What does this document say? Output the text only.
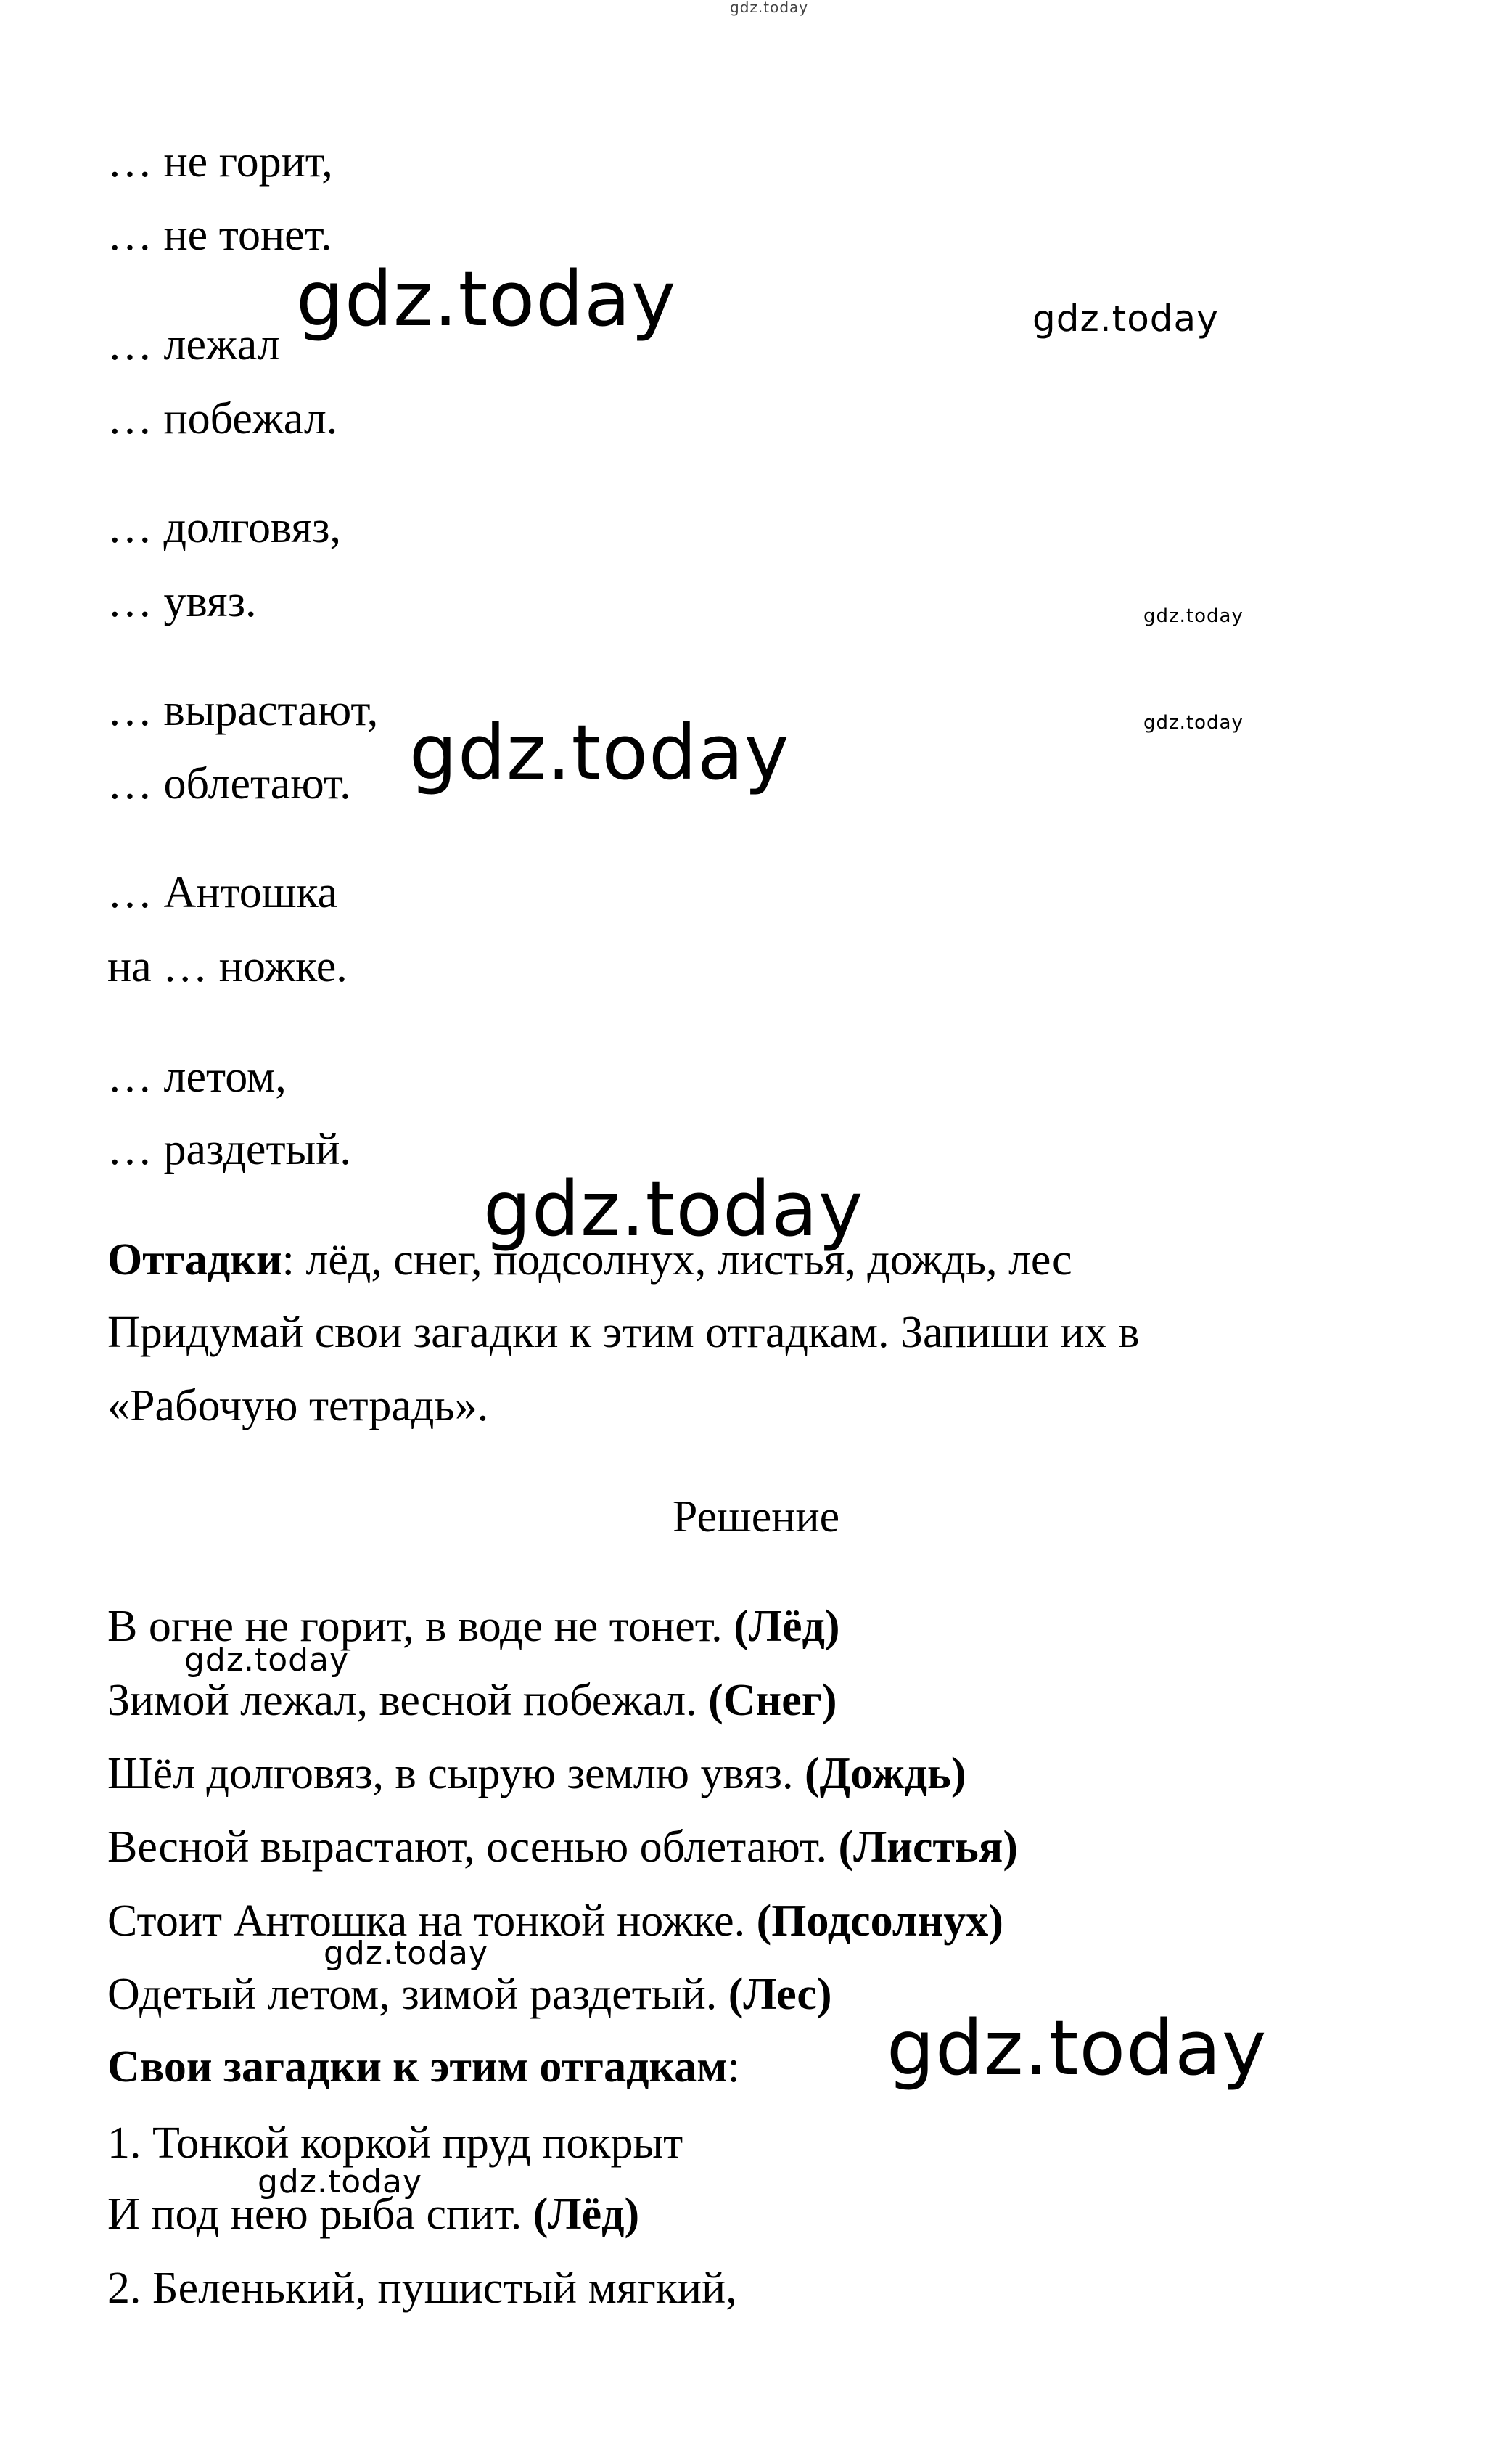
gdz.today
… не горит,
… не тонет.
… лежал
… побежал.
… долговяз,
… увяз.
… вырастают,
… облетают.
… Антошка
на … ножке.
… летом,
… раздетый.
Отгадки: лёд, снег, подсолнух, листья, дождь, лес
Придумай свои загадки к этим отгадкам. Запиши их в
«Рабочую тетрадь».
Решение
В огне не горит, в воде не тонет. (Лёд)
Зимой лежал, весной побежал. (Снег)
Шёл долговяз, в сырую землю увяз. (Дождь)
Весной вырастают, осенью облетают. (Листья)
Стоит Антошка на тонкой ножке. (Подсолнух)
Одетый летом, зимой раздетый. (Лес)
Свои загадки к этим отгадкам:
1. Тонкой коркой пруд покрыт
И под нею рыба спит. (Лёд)
2. Беленький, пушистый мягкий,
gdz.today	gdz.today
gdz.today
gdz.today
gdz.today
gdz.today
gdz.today
gdz.today
gdz.today
gdz.today
